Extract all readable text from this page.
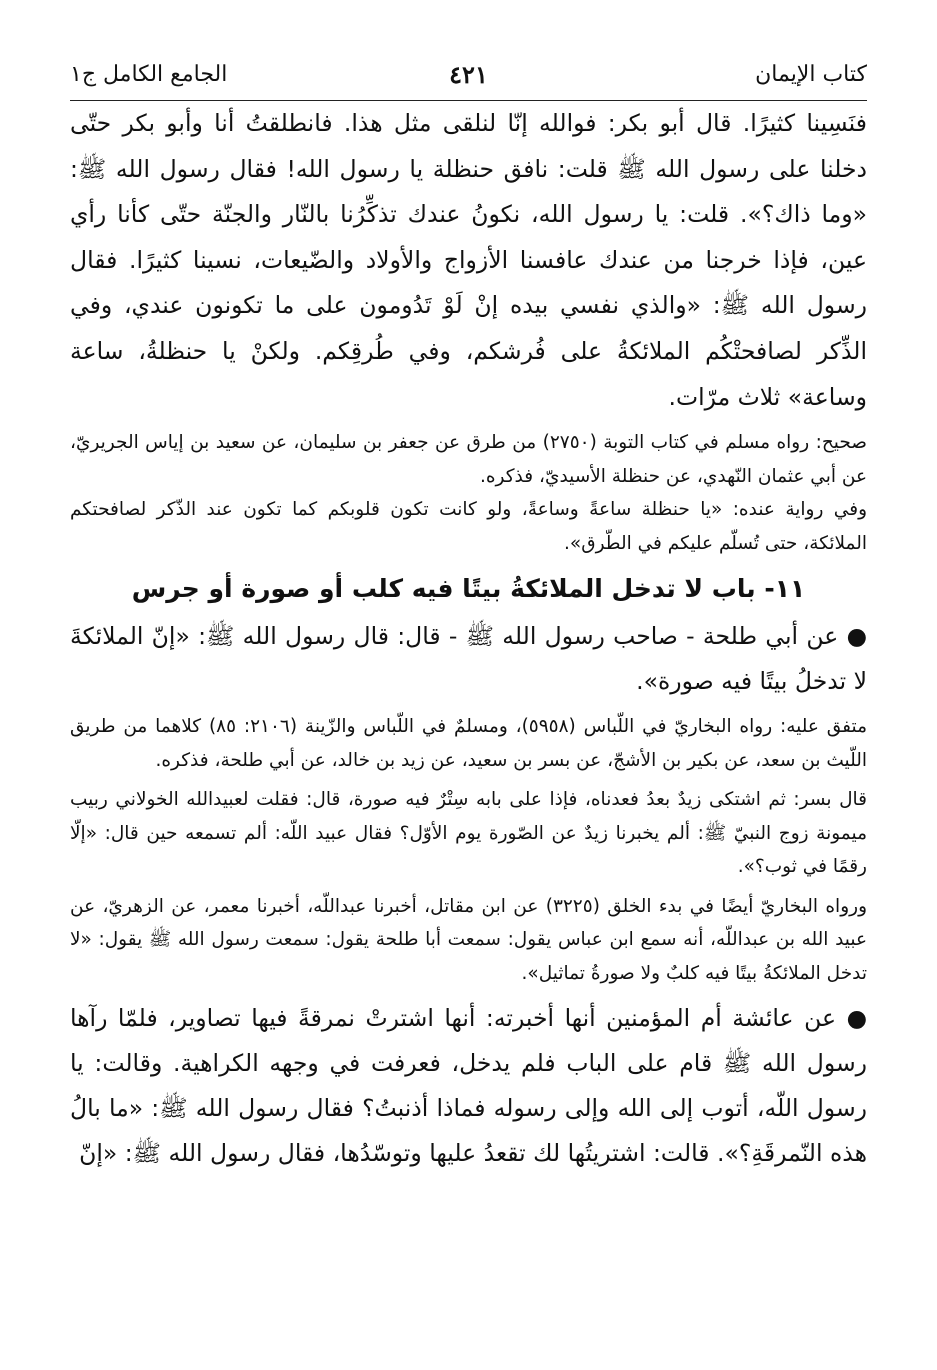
كتاب الإيمان
٤٢١
الجامع الكامل ج١

فنَسِينا كثيرًا. قال أبو بكر: فوالله إنّا لنلقى مثل هذا. فانطلقتُ أنا وأبو بكر حتّى دخلنا على رسول الله ﷺ قلت: نافق حنظلة يا رسول الله! فقال رسول الله ﷺ: «وما ذاك؟». قلت: يا رسول الله، نكونُ عندك تذكِّرُنا بالنّار والجنّة حتّى كأنا رأي عين، فإذا خرجنا من عندك عافسنا الأزواج والأولاد والضّيعات، نسينا كثيرًا. فقال رسول الله ﷺ: «والذي نفسي بيده إنْ لَوْ تَدُومون على ما تكونون عندي، وفي الذِّكر لصافحتْكُم الملائكةُ على فُرشكم، وفي طُرقِكم. ولكنْ يا حنظلةُ، ساعة وساعة» ثلاث مرّات.

صحيح: رواه مسلم في كتاب التوبة (٢٧٥٠) من طرق عن جعفر بن سليمان، عن سعيد بن إياس الجريريّ، عن أبي عثمان النّهدي، عن حنظلة الأسيديّ، فذكره.

وفي رواية عنده: «يا حنظلة ساعةً وساعةً، ولو كانت تكون قلوبكم كما تكون عند الذّكر لصافحتكم الملائكة، حتى تُسلّم عليكم في الطّرق».

١١- باب لا تدخل الملائكةُ بيتًا فيه كلب أو صورة أو جرس

● عن أبي طلحة - صاحب رسول الله ﷺ - قال: قال رسول الله ﷺ: «إنّ الملائكةَ لا تدخلُ بيتًا فيه صورة».

متفق عليه: رواه البخاريّ في اللّباس (٥٩٥٨)، ومسلمٌ في اللّباس والزّينة (٢١٠٦: ٨٥) كلاهما من طريق اللّيث بن سعد، عن بكير بن الأشجّ، عن بسر بن سعيد، عن زيد بن خالد، عن أبي طلحة، فذكره.

قال بسر: ثم اشتكى زيدٌ بعدُ فعدناه، فإذا على بابه سِتْرٌ فيه صورة، قال: فقلت لعبيدالله الخولاني ربيب ميمونة زوج النبيّ ﷺ: ألم يخبرنا زيدٌ عن الصّورة يوم الأوّل؟ فقال عبيد اللّه: ألم تسمعه حين قال: «إلّا رقمًا في ثوب؟».

ورواه البخاريّ أيضًا في بدء الخلق (٣٢٢٥) عن ابن مقاتل، أخبرنا عبداللّه، أخبرنا معمر، عن الزهريّ، عن عبيد الله بن عبداللّه، أنه سمع ابن عباس يقول: سمعت أبا طلحة يقول: سمعت رسول الله ﷺ يقول: «لا تدخل الملائكةُ بيتًا فيه كلبٌ ولا صورةُ تماثيل».

● عن عائشة أم المؤمنين أنها أخبرته: أنها اشترتْ نمرقةً فيها تصاوير، فلمّا رآها رسول الله ﷺ قام على الباب فلم يدخل، فعرفت في وجهه الكراهية. وقالت: يا رسول اللّه، أتوب إلى الله وإلى رسوله فماذا أذنبتُ؟ فقال رسول الله ﷺ: «ما بالُ هذه النّمرقَةِ؟». قالت: اشتريتُها لك تقعدُ عليها وتوسّدُها، فقال رسول الله ﷺ: «إنّ
